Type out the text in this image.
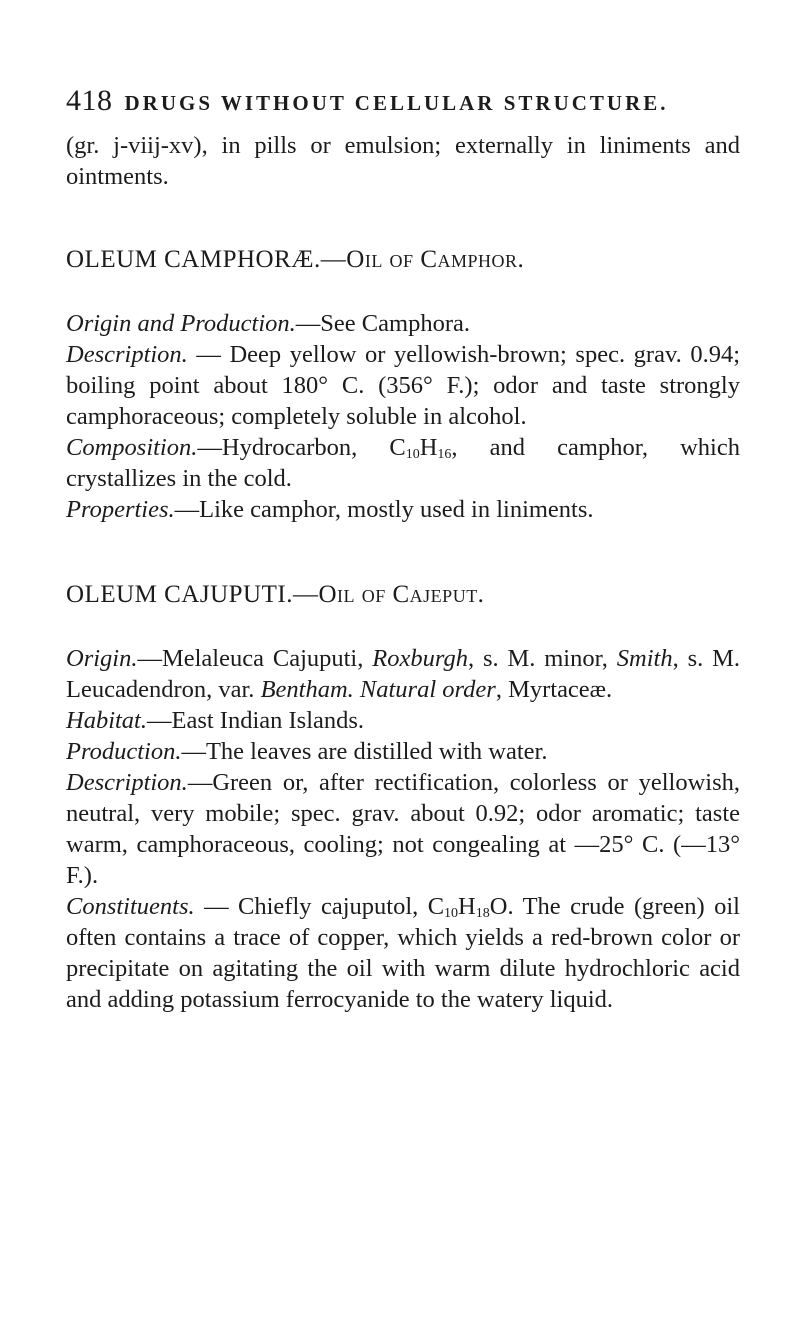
418 DRUGS WITHOUT CELLULAR STRUCTURE.

(gr. j-viij-xv), in pills or emulsion; externally in liniments and ointments.

OLEUM CAMPHORÆ.—Oil of Camphor.

Origin and Production.—See Camphora.

Description. — Deep yellow or yellowish-brown; spec. grav. 0.94; boiling point about 180° C. (356° F.); odor and taste strongly camphoraceous; completely soluble in alcohol.

Composition.—Hydrocarbon, $C_{10}H_{16}$, and camphor, which crystallizes in the cold.

Properties.—Like camphor, mostly used in liniments.

OLEUM CAJUPUTI.—Oil of Cajeput.

Origin.—Melaleuca Cajuputi, Roxburgh, s. M. minor, Smith, s. M. Leucadendron, var. Bentham. Natural order, Myrtaceæ.

Habitat.—East Indian Islands.

Production.—The leaves are distilled with water.

Description.—Green or, after rectification, colorless or yellowish, neutral, very mobile; spec. grav. about 0.92; odor aromatic; taste warm, camphoraceous, cooling; not congealing at —25° C. (—13° F.).

Constituents. — Chiefly cajuputol, $C_{10}H_{18}O$. The crude (green) oil often contains a trace of copper, which yields a red-brown color or precipitate on agitating the oil with warm dilute hydrochloric acid and adding potassium ferrocyanide to the watery liquid.
